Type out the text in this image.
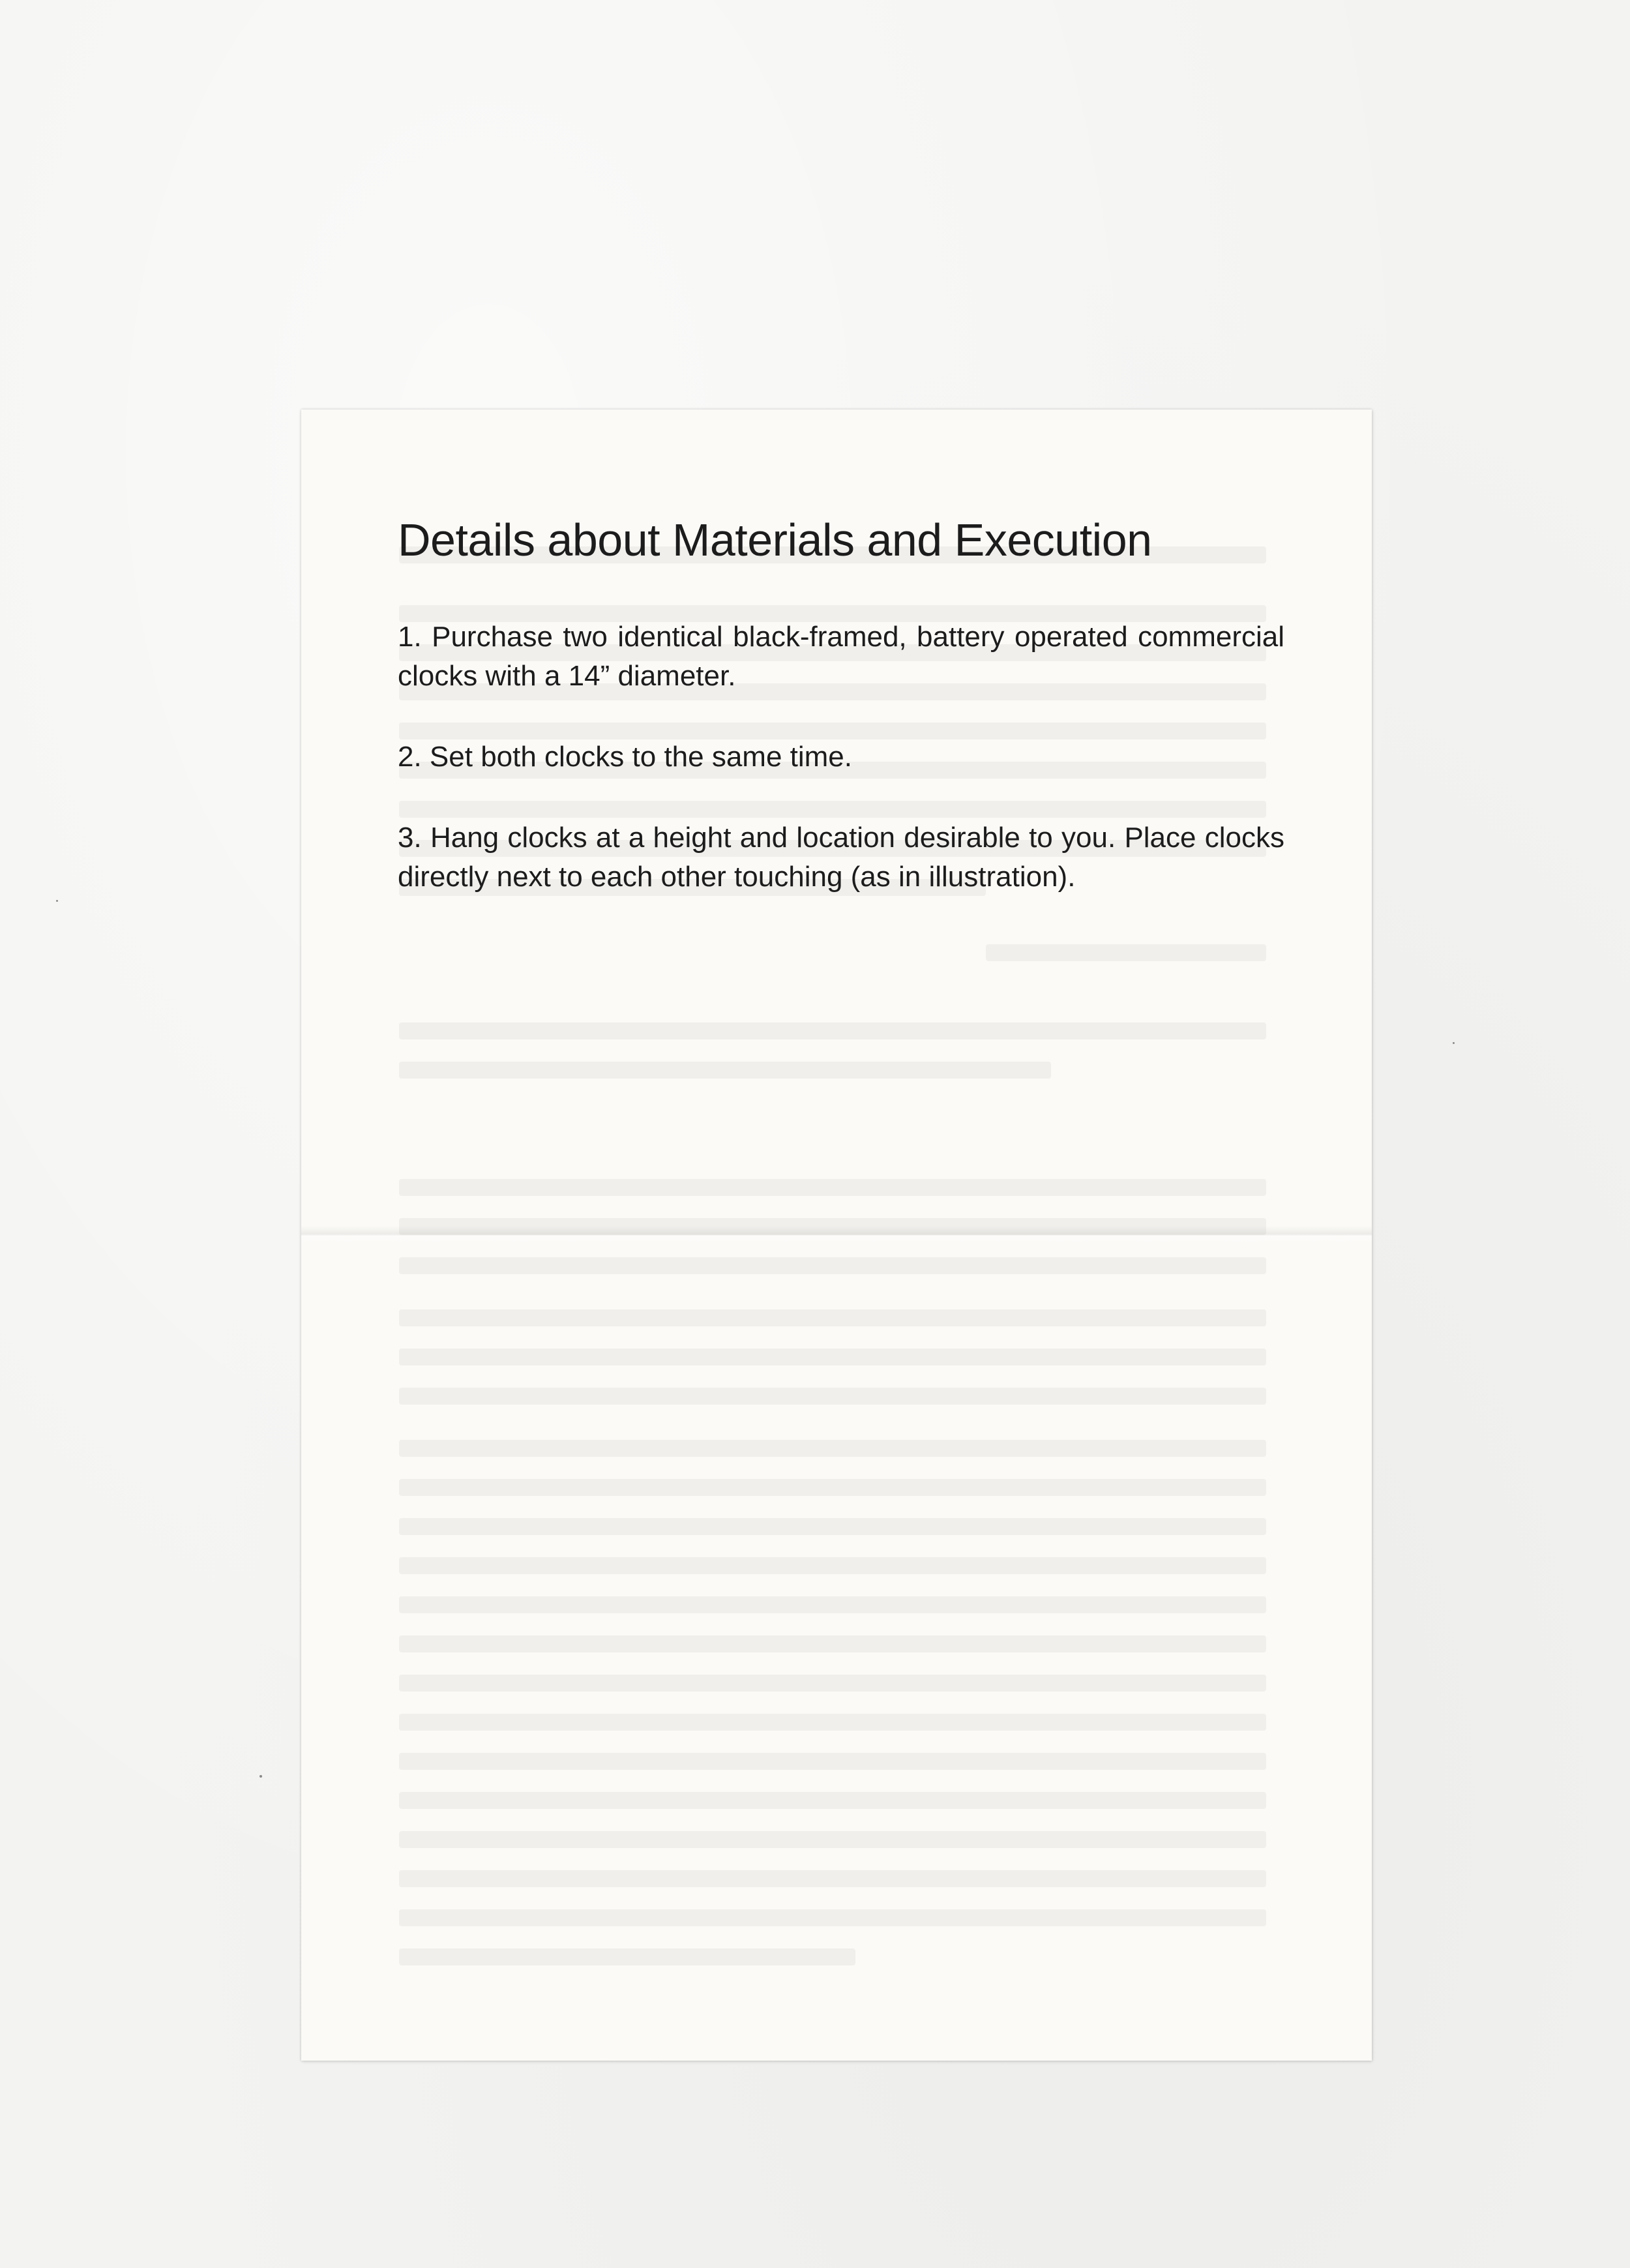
Details about Materials and Execution

1. Purchase two identical black-framed, battery operated commercial clocks with a 14” diameter.

2. Set both clocks to the same time.

3. Hang clocks at a height and location desirable to you. Place clocks directly next to each other touching (as in illustration).
